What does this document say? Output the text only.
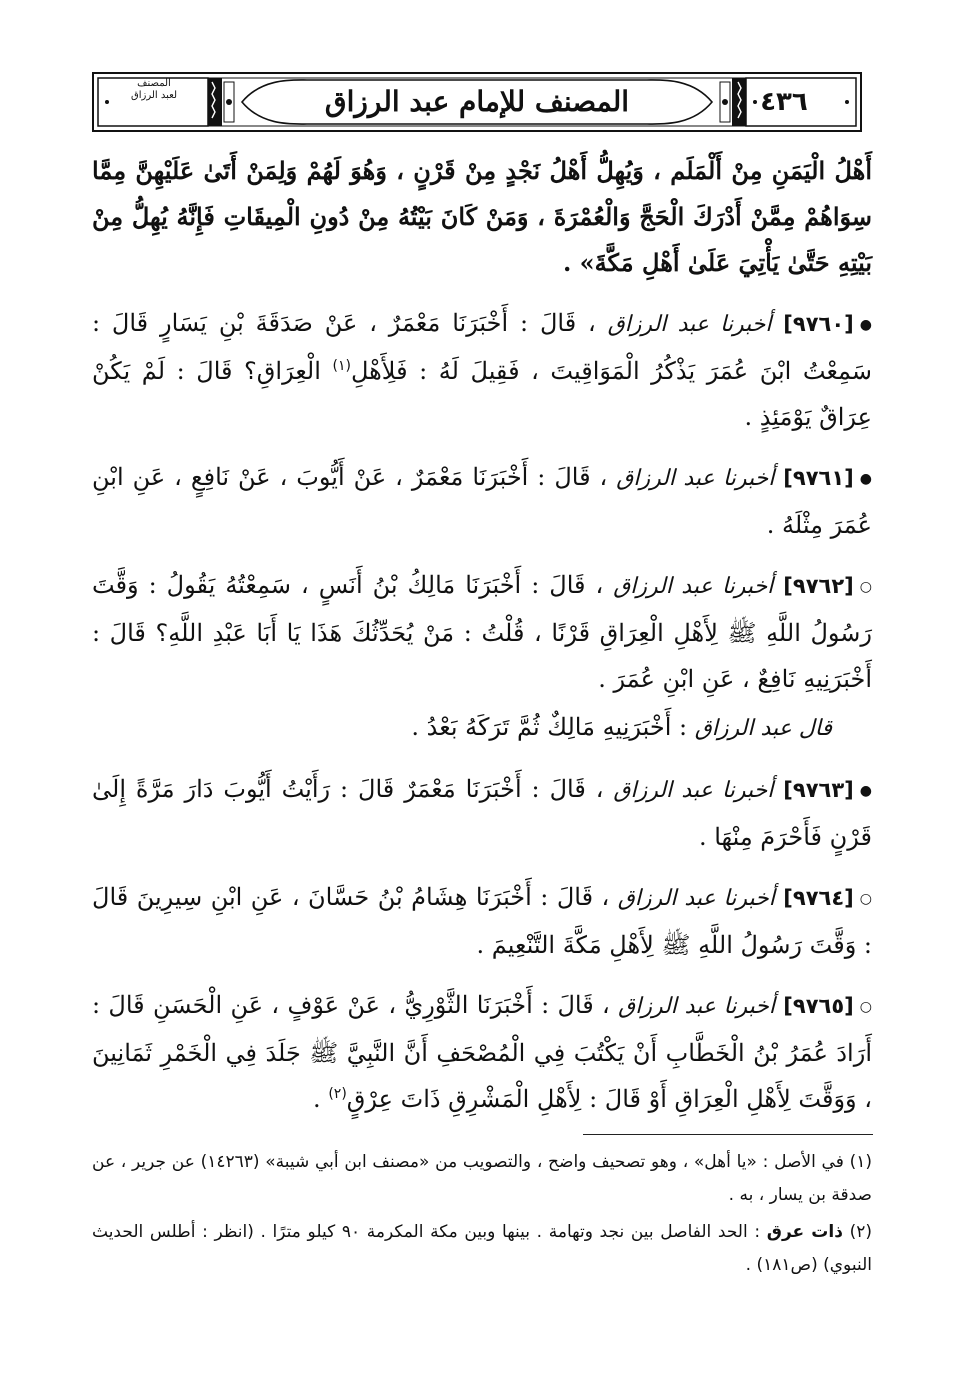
المصنف
لعبد الرزاق	المصنف للإمام عبد الرزاق	٤٣٦

أَهْلُ الْيَمَنِ مِنْ أَلْمَلَم ، وَيُهِلُّ أَهْلُ نَجْدٍ مِنْ قَرْنٍ ، وَهُوَ لَهُمْ وَلِمَنْ أَتَىٰ عَلَيْهِنَّ مِمَّا سِوَاهُمْ مِمَّنْ أَدْرَكَ الْحَجَّ وَالْعُمْرَةَ ، وَمَنْ كَانَ بَيْتُهُ مِنْ دُونِ الْمِيقَاتِ فَإِنَّهُ يُهِلُّ مِنْ بَيْتِهِ حَتَّىٰ يَأْتِيَ عَلَىٰ أَهْلِ مَكَّةَ» .

●[٩٧٦٠] أخبرنا عبد الرزاق ، قَالَ : أَخْبَرَنَا مَعْمَرٌ ، عَنْ صَدَقَةَ بْنِ يَسَارٍ قَالَ : سَمِعْتُ ابْنَ عُمَرَ يَذْكُرُ الْمَوَاقِيتَ ، فَقِيلَ لَهُ : فَلِأَهْلِ$^{(١)}$ الْعِرَاقِ؟ قَالَ : لَمْ يَكُنْ عِرَاقٌ يَوْمَئِذٍ .

●[٩٧٦١] أخبرنا عبد الرزاق ، قَالَ : أَخْبَرَنَا مَعْمَرٌ ، عَنْ أَيُّوبَ ، عَنْ نَافِعٍ ، عَنِ ابْنِ عُمَرَ مِثْلَهُ .

○[٩٧٦٢] أخبرنا عبد الرزاق ، قَالَ : أَخْبَرَنَا مَالِكُ بْنُ أَنَسٍ ، سَمِعْتُهُ يَقُولُ : وَقَّتَ رَسُولُ اللَّهِ ﷺ لِأَهْلِ الْعِرَاقِ قَرْنًا ، قُلْتُ : مَنْ يُحَدِّثُكَ هَذَا يَا أَبَا عَبْدِ اللَّهِ؟ قَالَ : أَخْبَرَنِيهِ نَافِعٌ ، عَنِ ابْنِ عُمَرَ .

قال عبد الرزاق : أَخْبَرَنِيهِ مَالِكٌ ثُمَّ تَرَكَهُ بَعْدُ .

●[٩٧٦٣] أخبرنا عبد الرزاق ، قَالَ : أَخْبَرَنَا مَعْمَرٌ قَالَ : رَأَيْتُ أَيُّوبَ دَارَ مَرَّةً إِلَىٰ قَرْنٍ فَأَحْرَمَ مِنْهَا .

○[٩٧٦٤] أخبرنا عبد الرزاق ، قَالَ : أَخْبَرَنَا هِشَامُ بْنُ حَسَّانَ ، عَنِ ابْنِ سِيرِينَ قَالَ : وَقَّتَ رَسُولُ اللَّهِ ﷺ لِأَهْلِ مَكَّةَ التَّنْعِيمَ .

○[٩٧٦٥] أخبرنا عبد الرزاق ، قَالَ : أَخْبَرَنَا الثَّوْرِيُّ ، عَنْ عَوْفٍ ، عَنِ الْحَسَنِ قَالَ : أَرَادَ عُمَرُ بْنُ الْخَطَّابِ أَنْ يَكْتُبَ فِي الْمُصْحَفِ أَنَّ النَّبِيَّ ﷺ جَلَدَ فِي الْخَمْرِ ثَمَانِينَ ، وَوَقَّتَ لِأَهْلِ الْعِرَاقِ أَوْ قَالَ : لِأَهْلِ الْمَشْرِقِ ذَاتَ عِرْقٍ$^{(٢)}$ .

(١) في الأصل : «يا أهل» ، وهو تصحيف واضح ، والتصويب من «مصنف ابن أبي شيبة» (١٤٢٦٣) عن جرير ، عن صدقة بن يسار ، به .

(٢) ذات عرق : الحد الفاصل بين نجد وتهامة . بينها وبين مكة المكرمة ٩٠ كيلو مترًا . (انظر : أطلس الحديث النبوي) (ص١٨١) .
